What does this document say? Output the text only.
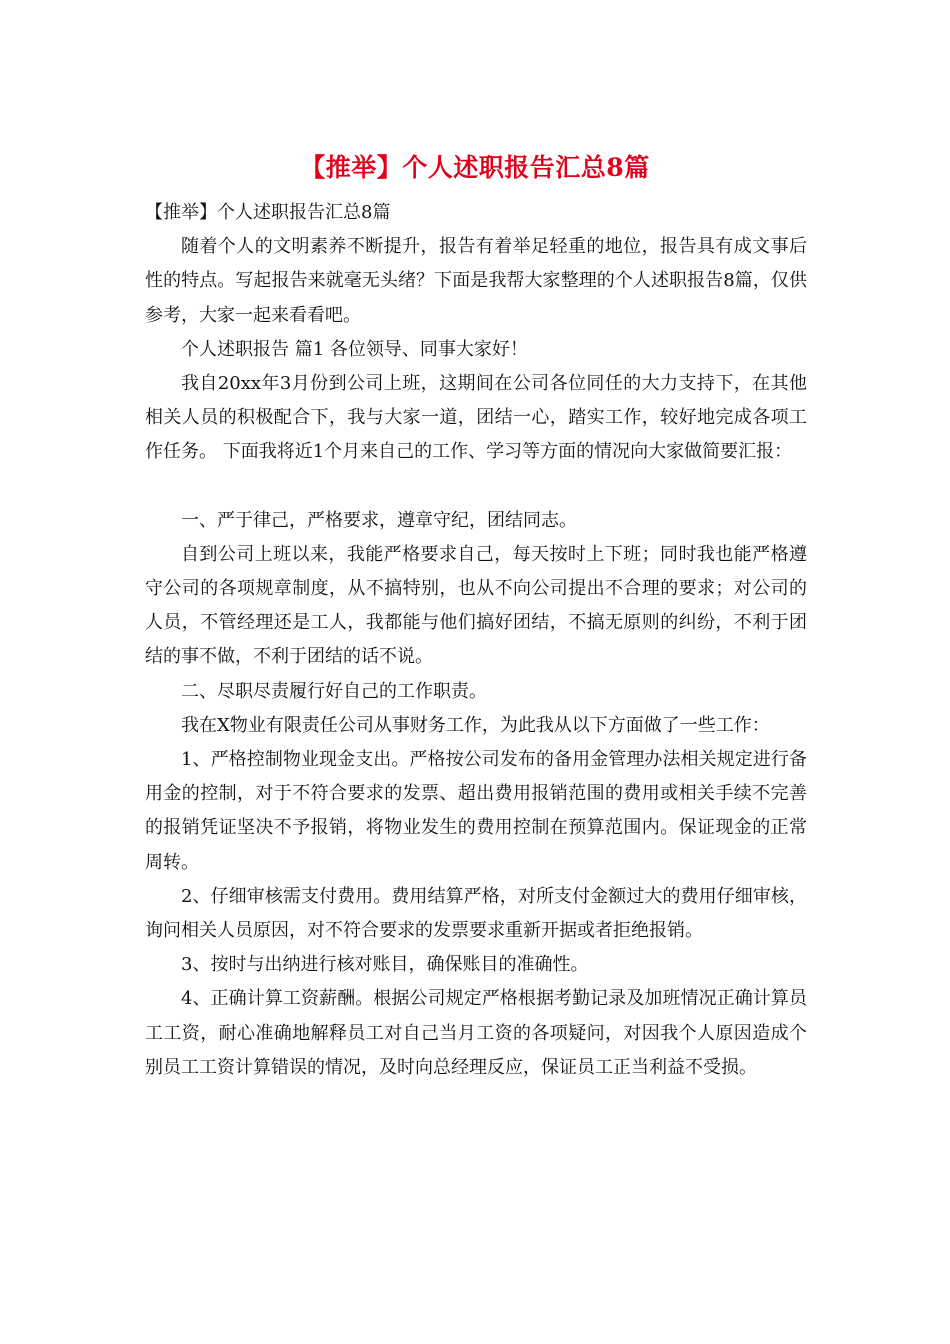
【推举】个人述职报告汇总8篇

【推举】个人述职报告汇总8篇

随着个人的文明素养不断提升，报告有着举足轻重的地位，报告具有成文事后性的特点。写起报告来就毫无头绪？下面是我帮大家整理的个人述职报告8篇，仅供参考，大家一起来看看吧。

个人述职报告 篇1 各位领导、同事大家好！

我自20xx年3月份到公司上班，这期间在公司各位同任的大力支持下，在其他相关人员的积极配合下，我与大家一道，团结一心，踏实工作，较好地完成各项工作任务。 下面我将近1个月来自己的工作、学习等方面的情况向大家做简要汇报：

一、严于律己，严格要求，遵章守纪，团结同志。

自到公司上班以来，我能严格要求自己，每天按时上下班；同时我也能严格遵守公司的各项规章制度，从不搞特别，也从不向公司提出不合理的要求；对公司的人员，不管经理还是工人，我都能与他们搞好团结，不搞无原则的纠纷，不利于团结的事不做，不利于团结的话不说。

二、尽职尽责履行好自己的工作职责。

我在X物业有限责任公司从事财务工作，为此我从以下方面做了一些工作：

1、严格控制物业现金支出。严格按公司发布的备用金管理办法相关规定进行备用金的控制，对于不符合要求的发票、超出费用报销范围的费用或相关手续不完善的报销凭证坚决不予报销，将物业发生的费用控制在预算范围内。保证现金的正常周转。

2、仔细审核需支付费用。费用结算严格，对所支付金额过大的费用仔细审核，询问相关人员原因，对不符合要求的发票要求重新开据或者拒绝报销。

3、按时与出纳进行核对账目，确保账目的准确性。

4、正确计算工资薪酬。根据公司规定严格根据考勤记录及加班情况正确计算员工工资，耐心准确地解释员工对自己当月工资的各项疑问，对因我个人原因造成个别员工工资计算错误的情况，及时向总经理反应，保证员工正当利益不受损。
